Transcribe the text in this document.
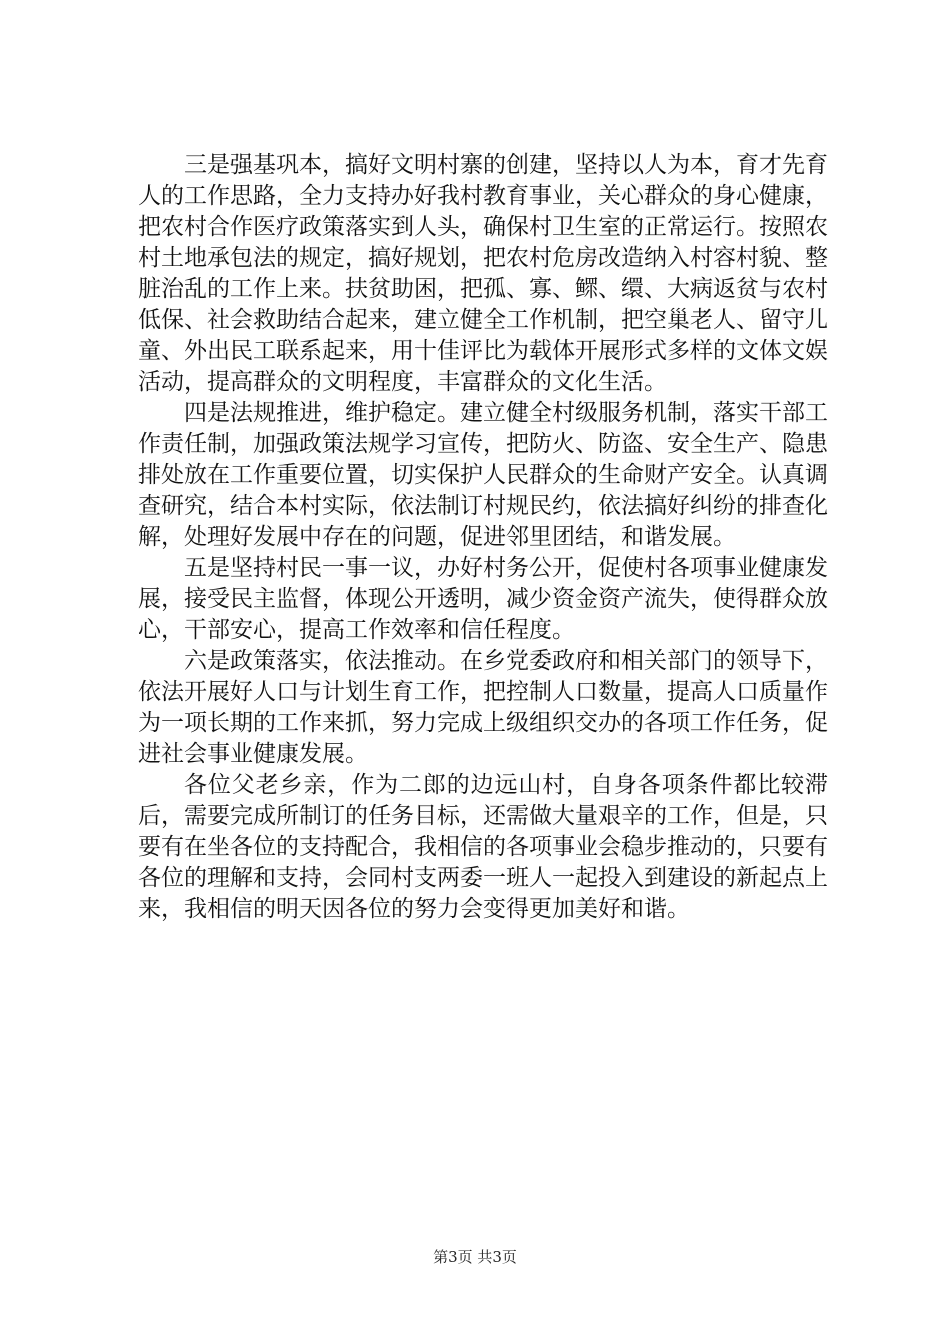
三是强基巩本，搞好文明村寨的创建，坚持以人为本，育才先育人的工作思路，全力支持办好我村教育事业，关心群众的身心健康，把农村合作医疗政策落实到人头，确保村卫生室的正常运行。按照农村土地承包法的规定，搞好规划，把农村危房改造纳入村容村貌、整脏治乱的工作上来。扶贫助困，把孤、寡、鳏、缳、大病返贫与农村低保、社会救助结合起来，建立健全工作机制，把空巢老人、留守儿童、外出民工联系起来，用十佳评比为载体开展形式多样的文体文娱活动，提高群众的文明程度，丰富群众的文化生活。

四是法规推进，维护稳定。建立健全村级服务机制，落实干部工作责任制，加强政策法规学习宣传，把防火、防盗、安全生产、隐患排处放在工作重要位置，切实保护人民群众的生命财产安全。认真调查研究，结合本村实际，依法制订村规民约，依法搞好纠纷的排查化解，处理好发展中存在的问题，促进邻里团结，和谐发展。

五是坚持村民一事一议，办好村务公开，促使村各项事业健康发展，接受民主监督，体现公开透明，减少资金资产流失，使得群众放心，干部安心，提高工作效率和信任程度。

六是政策落实，依法推动。在乡党委政府和相关部门的领导下，依法开展好人口与计划生育工作，把控制人口数量，提高人口质量作为一项长期的工作来抓，努力完成上级组织交办的各项工作任务，促进社会事业健康发展。

各位父老乡亲，作为二郎的边远山村，自身各项条件都比较滞后，需要完成所制订的任务目标，还需做大量艰辛的工作，但是，只要有在坐各位的支持配合，我相信的各项事业会稳步推动的，只要有各位的理解和支持，会同村支两委一班人一起投入到建设的新起点上来，我相信的明天因各位的努力会变得更加美好和谐。

第3页 共3页
